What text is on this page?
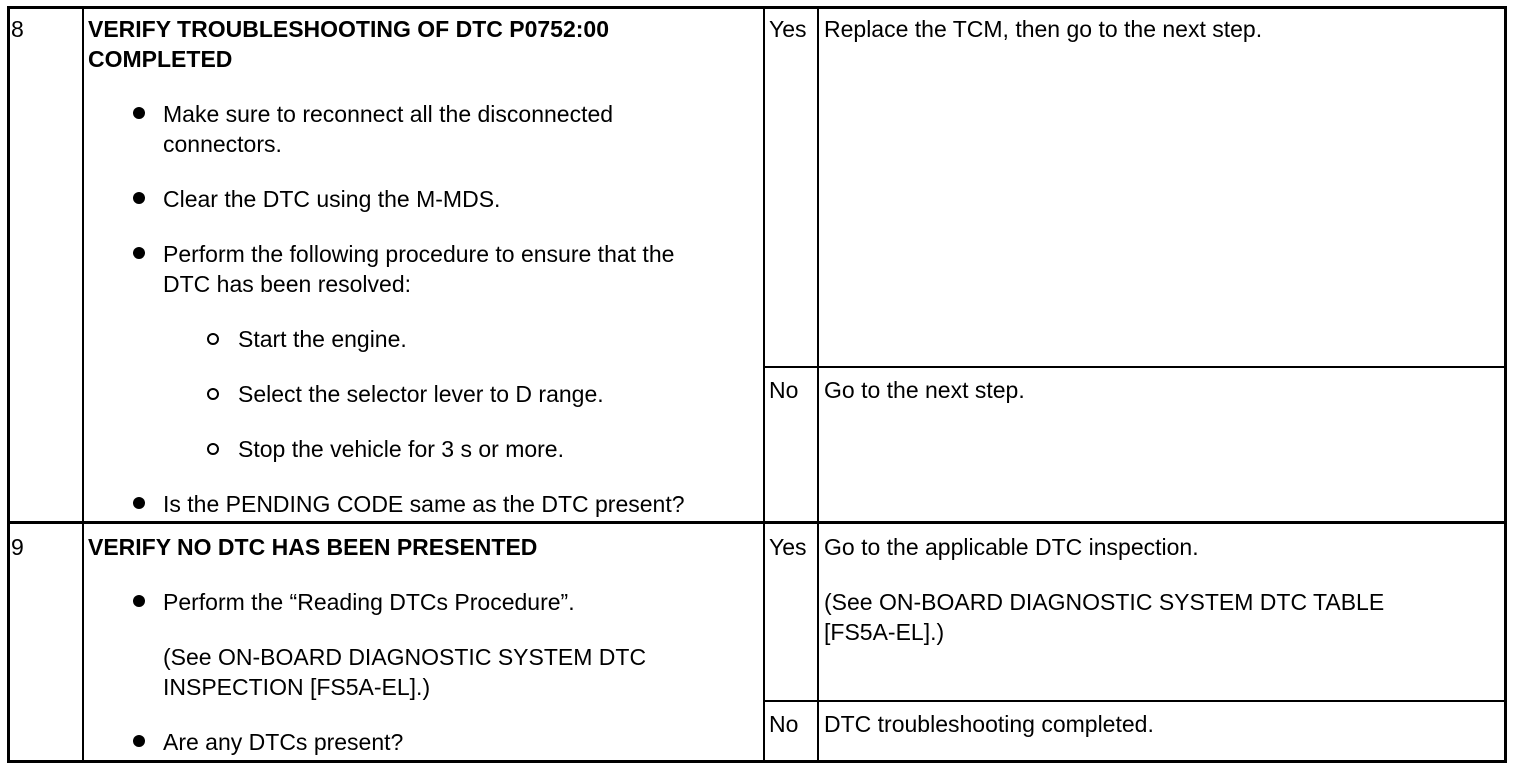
8	VERIFY TROUBLESHOOTING OF DTC P0752:00
COMPLETED
Make sure to reconnect all the disconnected
connectors.
Clear the DTC using the M-MDS.
Perform the following procedure to ensure that the
DTC has been resolved:
Start the engine.
Select the selector lever to D range.
Stop the vehicle for 3 s or more.
Is the PENDING CODE same as the DTC present?
Yes Replace the TCM, then go to the next step.
No Go to the next step.
9	VERIFY NO DTC HAS BEEN PRESENTED
Perform the “Reading DTCs Procedure”.
(See ON-BOARD DIAGNOSTIC SYSTEM DTC
INSPECTION [FS5A-EL].)
Are any DTCs present?
Yes Go to the applicable DTC inspection.
(See ON-BOARD DIAGNOSTIC SYSTEM DTC TABLE
[FS5A-EL].)
No DTC troubleshooting completed.
